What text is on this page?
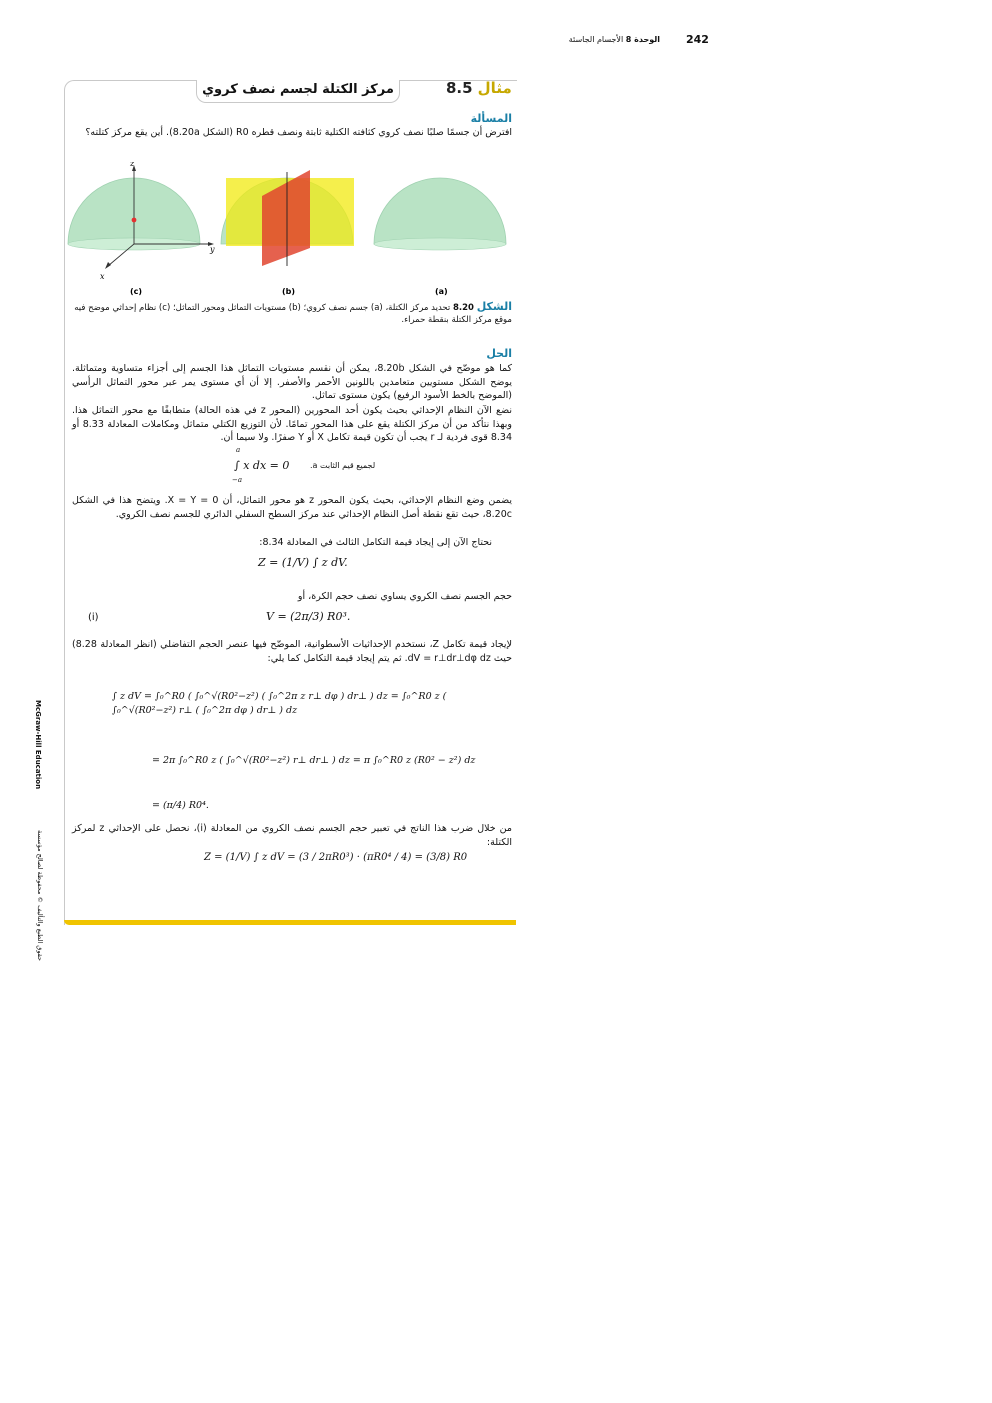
242
الوحدة 8 الأجسام الجاسئة
McGraw-Hill Education
حقوق الطبع والتأليف © محفوظة لصالح مؤسسة
8.5 مثال
مركز الكتلة لجسم نصف كروي
المسألة
افترض أن جسمًا صلبًا نصف كروي كثافته الكتلية ثابتة ونصف قطره R0 (الشكل 8.20a). أين يقع مركز كتلته؟
z
y
x
(c)	(b)	(a)
الشكل 8.20 تحديد مركز الكتلة، (a) جسم نصف كروي؛ (b) مستويات التماثل ومحور التماثل؛ (c) نظام إحداثي موضح فيه موقع مركز الكتلة بنقطة حمراء.
الحل
كما هو موضّح في الشكل 8.20b، يمكن أن نقسم مستويات التماثل هذا الجسم إلى أجزاء متساوية ومتماثلة. يوضح الشكل مستويين متعامدين باللونين الأحمر والأصفر. إلا أن أي مستوى يمر عبر محور التماثل الرأسي (الموضح بالخط الأسود الرفيع) يكون مستوى تماثل.
نضع الآن النظام الإحداثي بحيث يكون أحد المحورين (المحور z في هذه الحالة) متطابقًا مع محور التماثل هذا. وبهذا نتأكد من أن مركز الكتلة يقع على هذا المحور تمامًا. لأن التوزيع الكتلي متماثل ومكاملات المعادلة 8.33 أو 8.34 قوى فردية لـ r يجب أن تكون قيمة تكامل X أو Y صفرًا. ولا سيما أن.
a
−a
∫ x dx = 0	لجميع قيم الثابت a.
يضمن وضع النظام الإحداثي، بحيث يكون المحور z هو محور التماثل، أن X = Y = 0. ويتضح هذا في الشكل 8.20c، حيث تقع نقطة أصل النظام الإحداثي عند مركز السطح السفلي الدائري للجسم نصف الكروي.
نحتاج الآن إلى إيجاد قيمة التكامل الثالث في المعادلة 8.34:
Z = (1/V) ∫ z dV.
حجم الجسم نصف الكروي يساوي نصف حجم الكرة، أو
V = (2π/3) R0³.
(i)
لإيجاد قيمة تكامل Z، نستخدم الإحداثيات الأسطوانية، الموضّح فيها عنصر الحجم التفاضلي (انظر المعادلة 8.28) حيث dV = r⊥dr⊥dφ dz. ثم يتم إيجاد قيمة التكامل كما يلي:
∫ z dV = ∫₀^R0 ( ∫₀^√(R0²−z²) ( ∫₀^2π z r⊥ dφ ) dr⊥ ) dz = ∫₀^R0 z ( ∫₀^√(R0²−z²) r⊥ ( ∫₀^2π dφ ) dr⊥ ) dz
= 2π ∫₀^R0 z ( ∫₀^√(R0²−z²) r⊥ dr⊥ ) dz = π ∫₀^R0 z (R0² − z²) dz
= (π/4) R0⁴.
من خلال ضرب هذا الناتج في تعبير حجم الجسم نصف الكروي من المعادلة (i)، نحصل على الإحداثي z لمركز الكتلة:
Z = (1/V) ∫ z dV = (3 / 2πR0³) · (πR0⁴ / 4) = (3/8) R0
